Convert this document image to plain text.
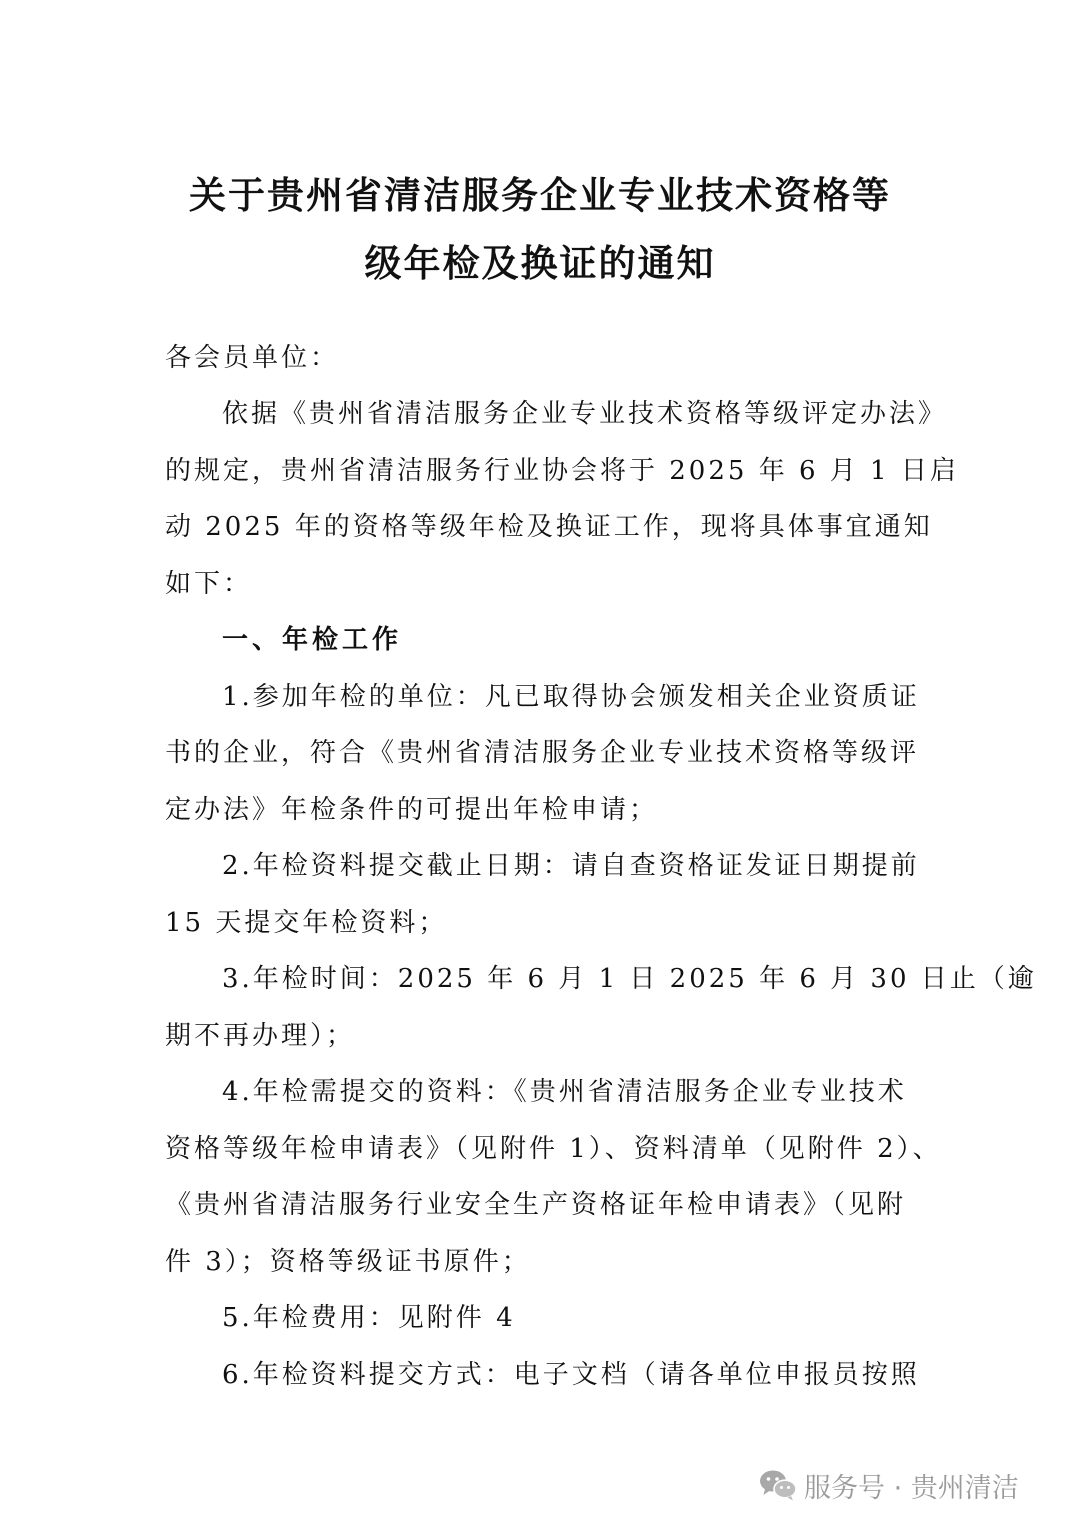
关于贵州省清洁服务企业专业技术资格等
级年检及换证的通知

各会员单位：

依据《贵州省清洁服务企业专业技术资格等级评定办法》

的规定，贵州省清洁服务行业协会将于 2025 年 6 月 1 日启

动 2025 年的资格等级年检及换证工作，现将具体事宜通知

如下：

一、年检工作

1.参加年检的单位：凡已取得协会颁发相关企业资质证

书的企业，符合《贵州省清洁服务企业专业技术资格等级评

定办法》年检条件的可提出年检申请；

2.年检资料提交截止日期：请自查资格证发证日期提前

15 天提交年检资料；

3.年检时间：2025 年 6 月 1 日 2025 年 6 月 30 日止（逾

期不再办理）；

4.年检需提交的资料：《贵州省清洁服务企业专业技术

资格等级年检申请表》（见附件 1）、资料清单（见附件 2）、

《贵州省清洁服务行业安全生产资格证年检申请表》（见附

件 3）；资格等级证书原件；

5.年检费用：见附件 4

6.年检资料提交方式：电子文档（请各单位申报员按照

服务号 · 贵州清洁
